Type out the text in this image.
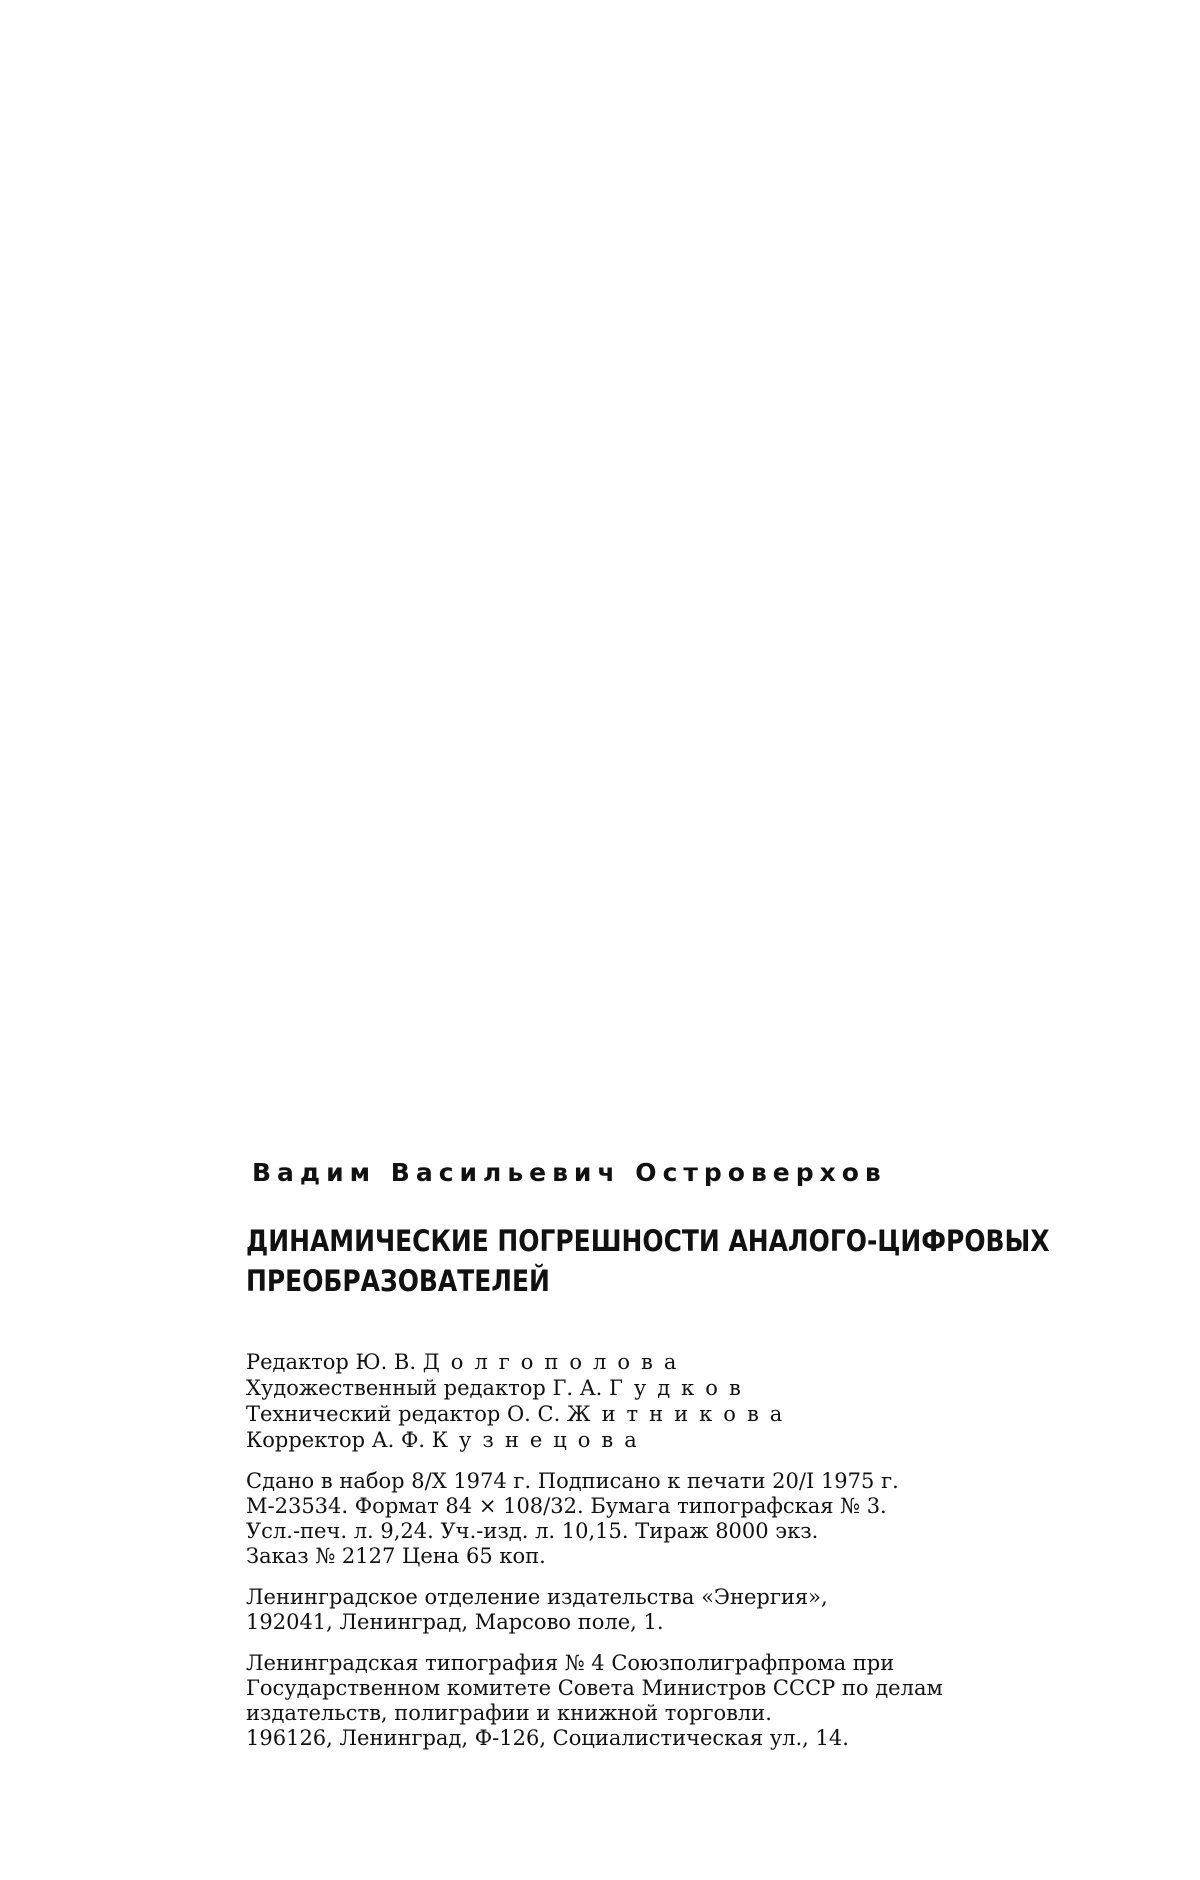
Вадим Васильевич Островерхов
ДИНАМИЧЕСКИЕ ПОГРЕШНОСТИ АНАЛОГО-ЦИФРОВЫХ
ПРЕОБРАЗОВАТЕЛЕЙ
Редактор Ю. В. Долгополова
Художественный редактор Г. А. Гудков
Технический редактор О. С. Житникова
Корректор А. Ф. Кузнецова
Сдано в набор 8/X 1974 г. Подписано к печати 20/I 1975 г.
М-23534. Формат 84 × 108/32. Бумага типографская № 3.
Усл.-печ. л. 9,24. Уч.-изд. л. 10,15. Тираж 8000 экз.
Заказ № 2127 Цена 65 коп.
Ленинградское отделение издательства «Энергия»,
192041, Ленинград, Марсово поле, 1.
Ленинградская типография № 4 Союзполиграфпрома при
Государственном комитете Совета Министров СССР по делам
издательств, полиграфии и книжной торговли.
196126, Ленинград, Ф-126, Социалистическая ул., 14.
